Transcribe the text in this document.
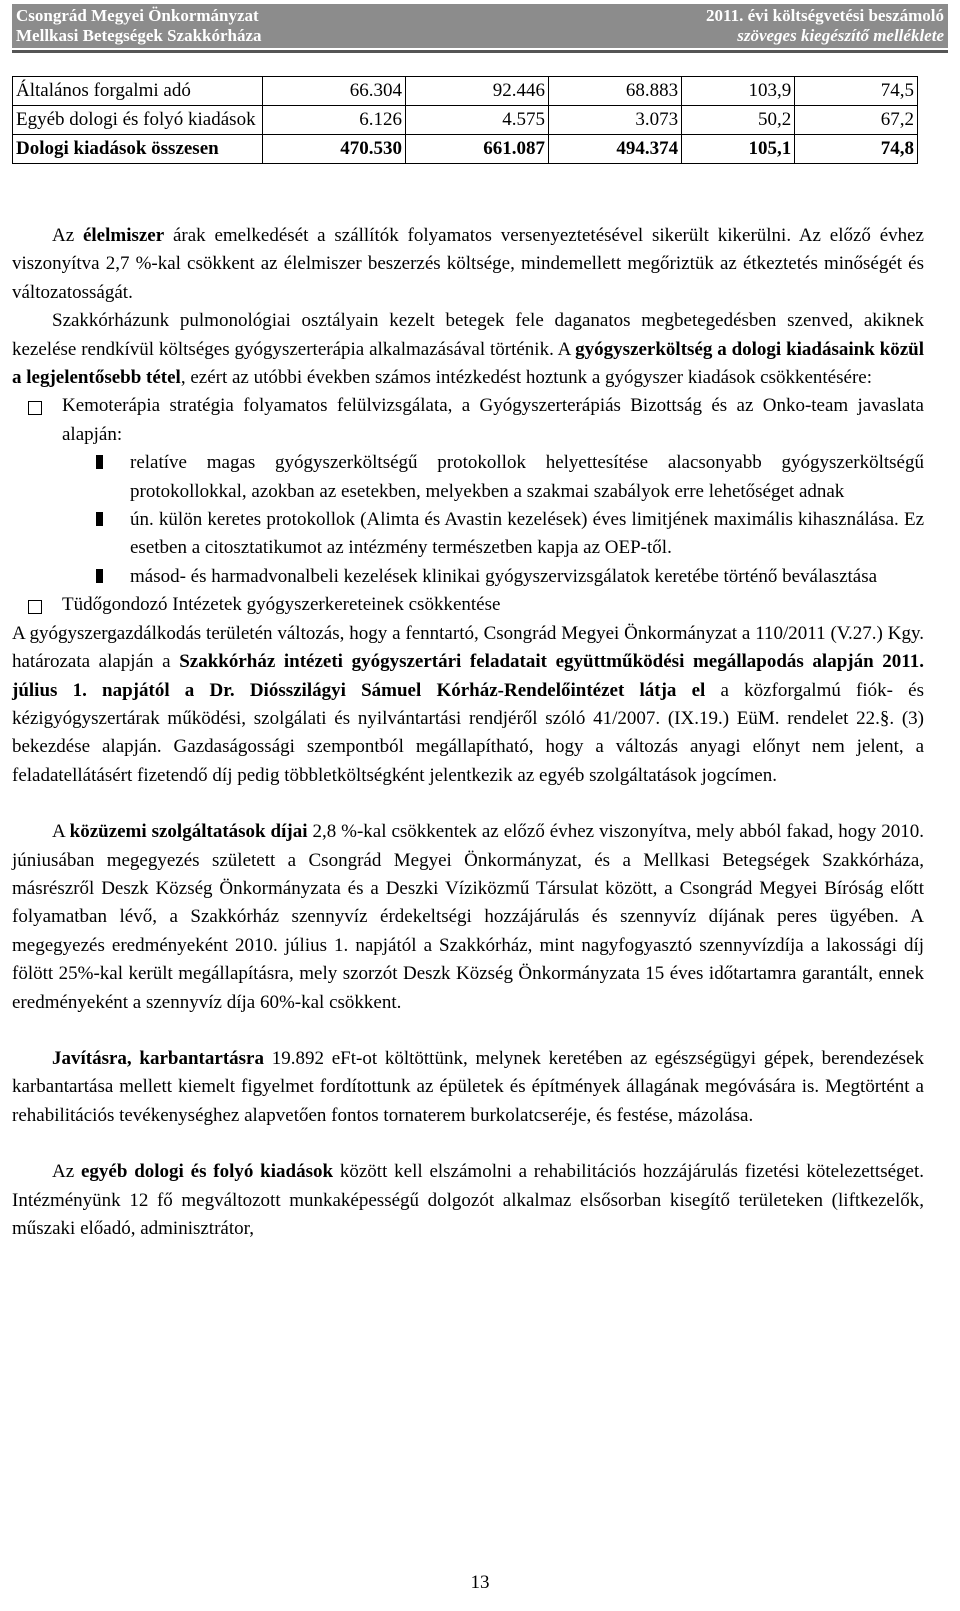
Csongrád Megyei Önkormányzat
Mellkasi Betegségek Szakkórháza
2011. évi költségvetési beszámoló
szöveges kiegészítő melléklete
Általános forgalmi adó	66.304	92.446	68.883	103,9	74,5
Egyéb dologi és folyó kiadások	6.126	4.575	3.073	50,2	67,2
Dologi kiadások összesen	470.530	661.087	494.374	105,1	74,8

Az élelmiszer árak emelkedését a szállítók folyamatos versenyeztetésével sikerült kikerülni. Az előző évhez viszonyítva 2,7 %-kal csökkent az élelmiszer beszerzés költsége, mindemellett megőriztük az étkeztetés minőségét és változatosságát.

Szakkórházunk pulmonológiai osztályain kezelt betegek fele daganatos megbetegedésben szenved, akiknek kezelése rendkívül költséges gyógyszerterápia alkalmazásával történik. A gyógyszerköltség a dologi kiadásaink közül a legjelentősebb tétel, ezért az utóbbi években számos intézkedést hoztunk a gyógyszer kiadások csökkentésére:

Kemoterápia stratégia folyamatos felülvizsgálata, a Gyógyszerterápiás Bizottság és az Onko-team javaslata alapján:
relatíve magas gyógyszerköltségű protokollok helyettesítése alacsonyabb gyógyszerköltségű protokollokkal, azokban az esetekben, melyekben a szakmai szabályok erre lehetőséget adnak
ún. külön keretes protokollok (Alimta és Avastin kezelések) éves limitjének maximális kihasználása. Ez esetben a citosztatikumot az intézmény természetben kapja az OEP-től.
másod- és harmadvonalbeli kezelések klinikai gyógyszervizsgálatok keretébe történő beválasztása
Tüdőgondozó Intézetek gyógyszerkereteinek csökkentése

A gyógyszergazdálkodás területén változás, hogy a fenntartó, Csongrád Megyei Önkormányzat a 110/2011 (V.27.) Kgy. határozata alapján a Szakkórház intézeti gyógyszertári feladatait együttműködési megállapodás alapján 2011. július 1. napjától a Dr. Diósszilágyi Sámuel Kórház-Rendelőintézet látja el a közforgalmú fiók- és kézigyógyszertárak működési, szolgálati és nyilvántartási rendjéről szóló 41/2007. (IX.19.) EüM. rendelet 22.§. (3) bekezdése alapján. Gazdaságossági szempontból megállapítható, hogy a változás anyagi előnyt nem jelent, a feladatellátásért fizetendő díj pedig többletköltségként jelentkezik az egyéb szolgáltatások jogcímen.

A közüzemi szolgáltatások díjai 2,8 %-kal csökkentek az előző évhez viszonyítva, mely abból fakad, hogy 2010. júniusában megegyezés született a Csongrád Megyei Önkormányzat, és a Mellkasi Betegségek Szakkórháza, másrészről Deszk Község Önkormányzata és a Deszki Víziközmű Társulat között, a Csongrád Megyei Bíróság előtt folyamatban lévő, a Szakkórház szennyvíz érdekeltségi hozzájárulás és szennyvíz díjának peres ügyében. A megegyezés eredményeként 2010. július 1. napjától a Szakkórház, mint nagyfogyasztó szennyvízdíja a lakossági díj fölött 25%-kal került megállapításra, mely szorzót Deszk Község Önkormányzata 15 éves időtartamra garantált, ennek eredményeként a szennyvíz díja 60%-kal csökkent.

Javításra, karbantartásra 19.892 eFt-ot költöttünk, melynek keretében az egészségügyi gépek, berendezések karbantartása mellett kiemelt figyelmet fordítottunk az épületek és építmények állagának megóvására is. Megtörtént a rehabilitációs tevékenységhez alapvetően fontos tornaterem burkolatcseréje, és festése, mázolása.

Az egyéb dologi és folyó kiadások között kell elszámolni a rehabilitációs hozzájárulás fizetési kötelezettséget. Intézményünk 12 fő megváltozott munkaképességű dolgozót alkalmaz elsősorban kisegítő területeken (liftkezelők, műszaki előadó, adminisztrátor,

13
